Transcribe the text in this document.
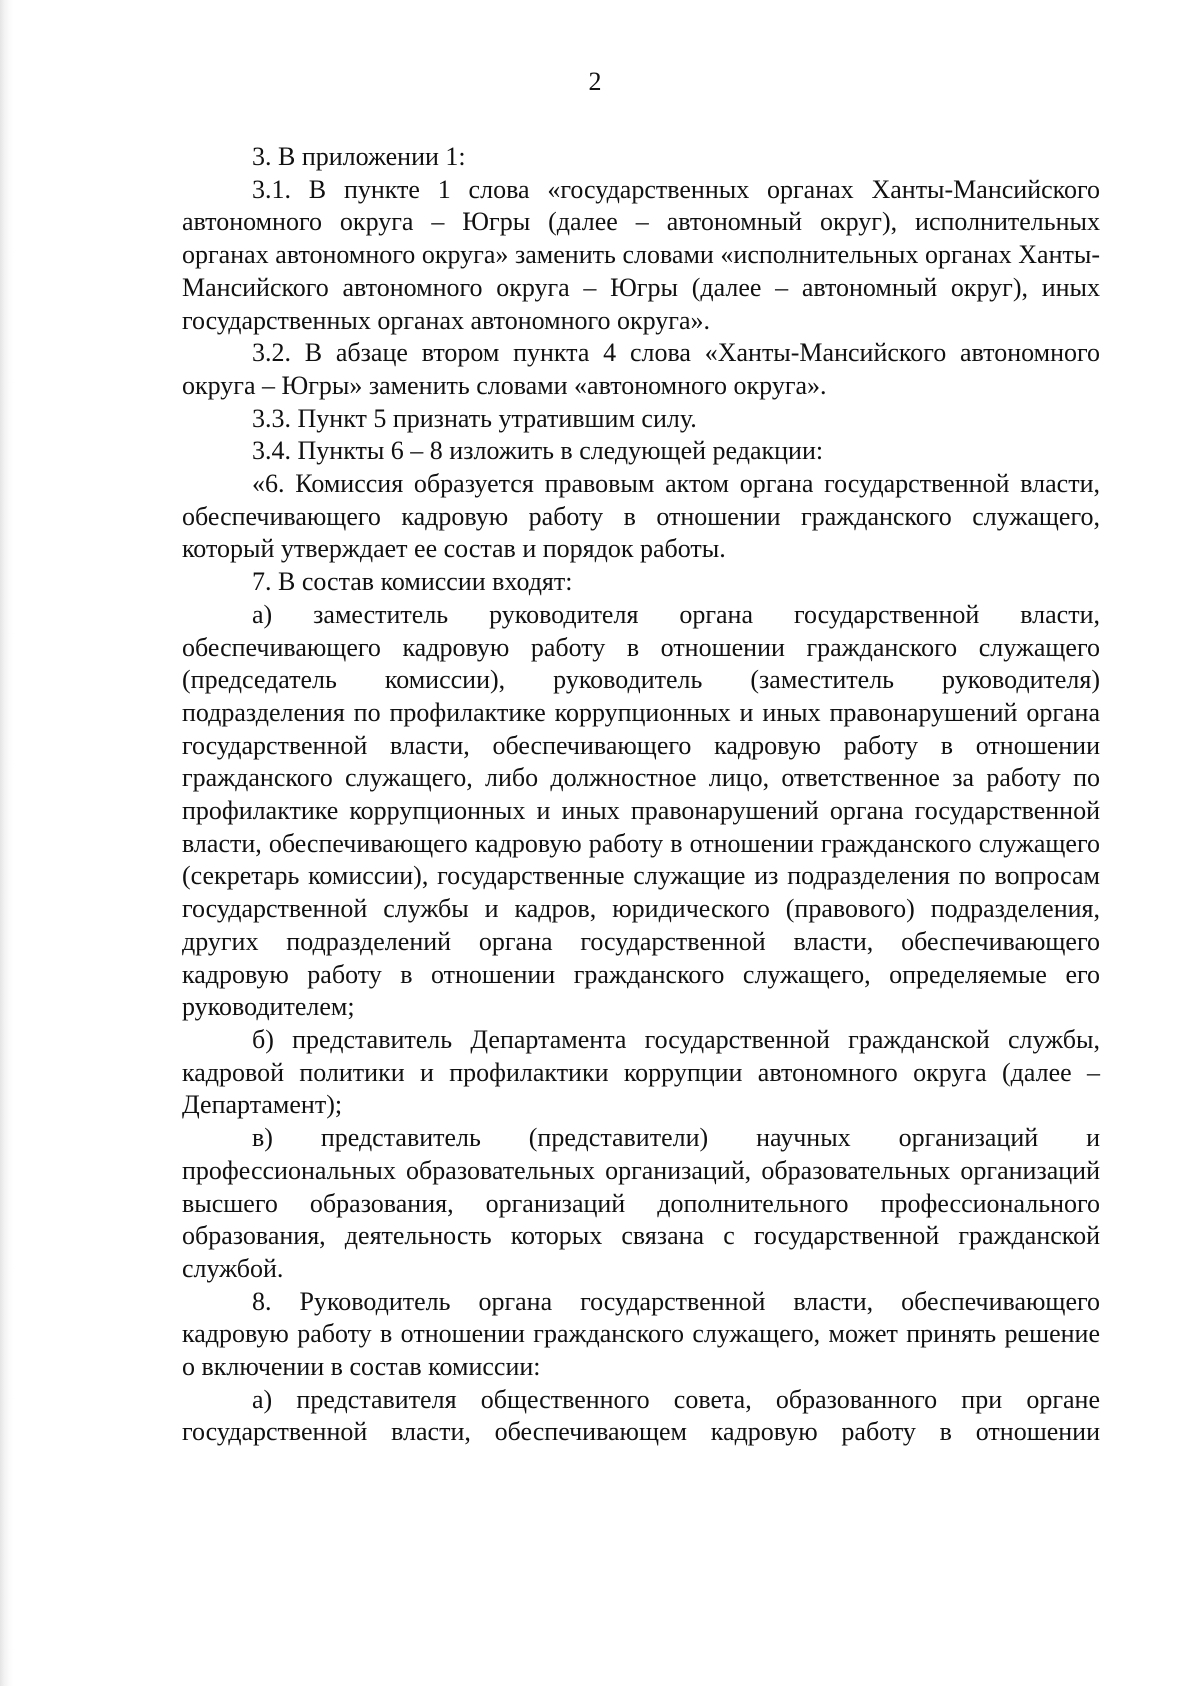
2

3. В приложении 1:

3.1. В пункте 1 слова «государственных органах Ханты-Мансийского автономного округа – Югры (далее – автономный округ), исполнительных органах автономного округа» заменить словами «исполнительных органах Ханты-Мансийского автономного округа – Югры (далее – автономный округ), иных государственных органах автономного округа».

3.2. В абзаце втором пункта 4 слова «Ханты-Мансийского автономного округа – Югры» заменить словами «автономного округа».

3.3. Пункт 5 признать утратившим силу.

3.4. Пункты 6 – 8 изложить в следующей редакции:

«6. Комиссия образуется правовым актом органа государственной власти, обеспечивающего кадровую работу в отношении гражданского служащего, который утверждает ее состав и порядок работы.

7. В состав комиссии входят:

а) заместитель руководителя органа государственной власти, обеспечивающего кадровую работу в отношении гражданского служащего (председатель комиссии), руководитель (заместитель руководителя) подразделения по профилактике коррупционных и иных правонарушений органа государственной власти, обеспечивающего кадровую работу в отношении гражданского служащего, либо должностное лицо, ответственное за работу по профилактике коррупционных и иных правонарушений органа государственной власти, обеспечивающего кадровую работу в отношении гражданского служащего (секретарь комиссии), государственные служащие из подразделения по вопросам государственной службы и кадров, юридического (правового) подразделения, других подразделений органа государственной власти, обеспечивающего кадровую работу в отношении гражданского служащего, определяемые его руководителем;

б) представитель Департамента государственной гражданской службы, кадровой политики и профилактики коррупции автономного округа (далее – Департамент);

в) представитель (представители) научных организаций и профессиональных образовательных организаций, образовательных организаций высшего образования, организаций дополнительного профессионального образования, деятельность которых связана с государственной гражданской службой.

8. Руководитель органа государственной власти, обеспечивающего кадровую работу в отношении гражданского служащего, может принять решение о включении в состав комиссии:

а) представителя общественного совета, образованного при органе государственной власти, обеспечивающем кадровую работу в отношении
